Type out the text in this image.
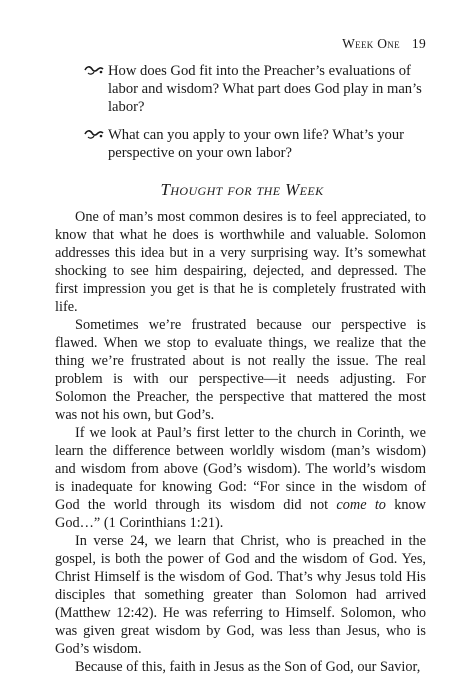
Week One 19
How does God fit into the Preacher’s evaluations of labor and wisdom? What part does God play in man’s labor?
What can you apply to your own life? What’s your perspective on your own labor?
Thought for the Week

One of man’s most common desires is to feel appreciated, to know that what he does is worthwhile and valuable. Solomon addresses this idea but in a very surprising way. It’s somewhat shocking to see him despairing, dejected, and depressed. The first impression you get is that he is completely frustrated with life.

Sometimes we’re frustrated because our perspective is flawed. When we stop to evaluate things, we realize that the thing we’re frustrated about is not really the issue. The real problem is with our perspective—it needs adjusting. For Solomon the Preacher, the perspective that mattered the most was not his own, but God’s.

If we look at Paul’s first letter to the church in Corinth, we learn the difference between worldly wisdom (man’s wisdom) and wisdom from above (God’s wisdom). The world’s wisdom is inadequate for knowing God: “For since in the wisdom of God the world through its wisdom did not come to know God…” (1 Corinthians 1:21).

In verse 24, we learn that Christ, who is preached in the gospel, is both the power of God and the wisdom of God. Yes, Christ Himself is the wisdom of God. That’s why Jesus told His disciples that something greater than Solomon had arrived (Matthew 12:42). He was referring to Himself. Solomon, who was given great wisdom by God, was less than Jesus, who is God’s wisdom.

Because of this, faith in Jesus as the Son of God, our Savior,
